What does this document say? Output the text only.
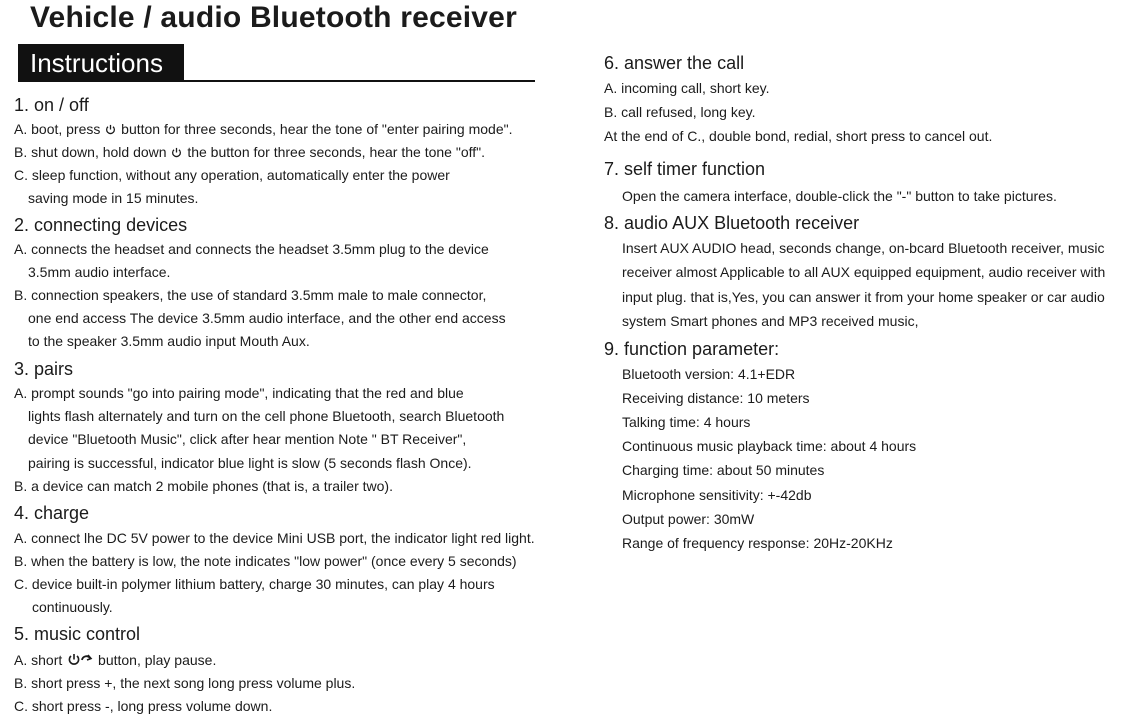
Vehicle / audio Bluetooth receiver
Instructions
1. on / off
A. boot, press  button for three seconds, hear the tone of "enter pairing mode".
B. shut down, hold down  the button for three seconds, hear the tone "off".
C. sleep function, without any operation, automatically enter the power
saving mode in 15 minutes.
2. connecting devices
A. connects the headset and connects the headset 3.5mm plug to the device
3.5mm audio interface.
B. connection speakers, the use of standard 3.5mm male to male connector,
one end access The device 3.5mm audio interface, and the other end access
to the speaker 3.5mm audio input Mouth Aux.
3. pairs
A. prompt sounds "go into pairing mode", indicating that the red and blue
lights flash alternately and turn on the cell phone Bluetooth, search Bluetooth
device "Bluetooth Music", click after hear mention Note " BT Receiver",
pairing is successful, indicator blue light is slow (5 seconds flash Once).
B. a device can match 2 mobile phones (that is, a trailer two).
4. charge
A. connect lhe DC 5V power to the device Mini USB port, the indicator light red light.
B. when the battery is low, the note indicates "low power" (once every 5 seconds)
C. device built-in polymer lithium battery, charge 30 minutes, can play 4 hours
continuously.
5. music control
A. short  button, play pause.
B. short press +, the next song long press volume plus.
C. short press -, long press volume down.
6. answer the call
A. incoming call, short key.
B. call refused, long key.
At the end of C., double bond, redial, short press to cancel out.
7. self timer function
Open the camera interface, double-click the "-" button to take pictures.
8. audio AUX Bluetooth receiver
Insert AUX AUDIO head, seconds change, on-bcard Bluetooth receiver, music
receiver almost Applicable to all AUX equipped equipment, audio receiver with
input plug. that is,Yes, you can answer it from your home speaker or car audio
system Smart phones and MP3 received music,
9. function parameter:
Bluetooth version: 4.1+EDR
Receiving distance: 10 meters
Talking time: 4 hours
Continuous music playback time: about 4 hours
Charging time: about 50 minutes
Microphone sensitivity: +-42db
Output power: 30mW
Range of frequency response: 20Hz-20KHz
